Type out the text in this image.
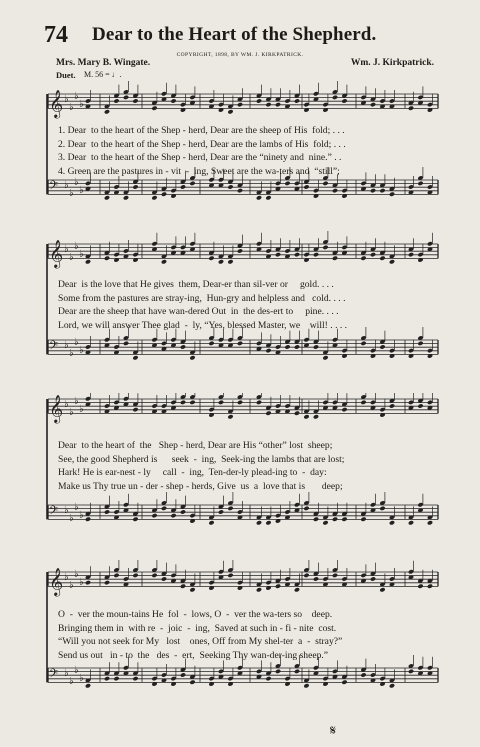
74 Dear to the Heart of the Shepherd.
COPYRIGHT, 1898, BY WM. J. KIRKPATRICK.
Mrs. Mary B. Wingate.	Wm. J. Kirkpatrick.
Duet. M. 56 = ♩.
𝄞 ♭
♭
♭
♭
𝄢 ♭
♭
♭
♭
1. Dear  to the heart of the Shep - herd, Dear are the sheep of His  fold; . . .
2. Dear  to the heart of the Shep - herd, Dear are the lambs of His  fold; . . .
3. Dear  to the heart of the Shep - herd, Dear are the “ninety and  nine.” . .
4. Green are the pastures in - vit  -  ing, Sweet are the wa-ters and  “still”;
𝄞 ♭
♭
♭
♭
𝄢 ♭
♭
♭
♭
Dear  is the love that He gives  them, Dear-er than sil-ver or     gold. . . .
Some from the pastures are stray-ing,  Hun-gry and helpless and   cold. . . .
Dear are the sheep that have wan-dered Out  in  the des-ert to     pine. . . .
Lord, we will answer Thee glad  -  ly, “Yes, blessed Master, we    will! . . . .
𝄞 ♭
♭
♭
♭
𝄢 ♭
♭
♭
♭
Dear  to the heart of  the   Shep - herd, Dear are His “other” lost  sheep;
See, the good Shepherd is      seek  -  ing,  Seek-ing the lambs that are lost;
Hark! He is ear-nest - ly     call  -  ing,  Ten-der-ly plead-ing to  -  day:
Make us Thy true un - der - shep - herds, Give  us  a  love that is       deep;
𝄞 ♭
♭
♭
♭
𝄢 ♭
♭
♭
♭
O  -  ver the moun-tains He  fol  -  lows, O  -  ver the wa-ters so    deep.
Bringing them in  with re  -  joic  -  ing,  Saved at such in - fi - nite  cost.
“Will you not seek for My   lost    ones, Off from My shel-ter  a  -  stray?”
Send us out   in - to  the   des  -  ert,  Seeking Thy wan-der-ing sheep.”
𝄋
